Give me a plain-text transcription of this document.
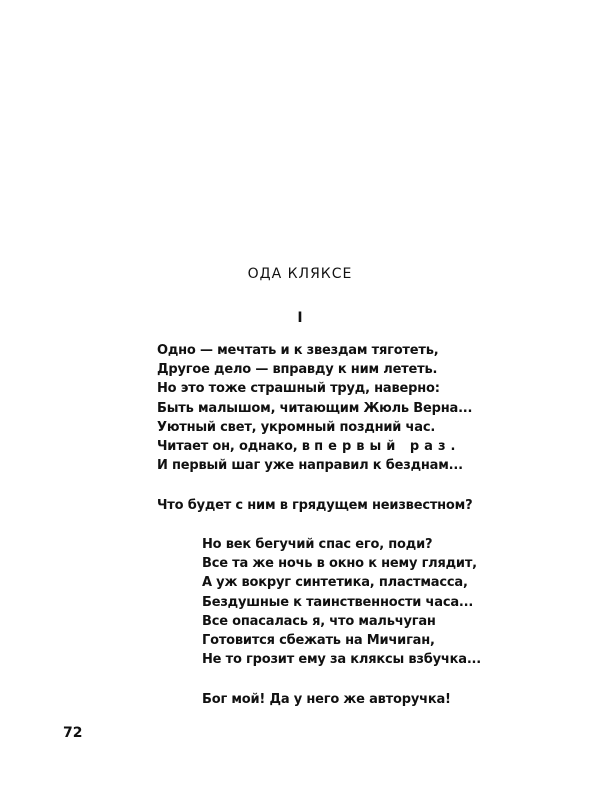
ОДА КЛЯКСЕ
I
Одно — мечтать и к звездам тяготеть,
Другое дело — вправду к ним лететь.
Но это тоже страшный труд, наверно:
Быть малышом, читающим Жюль Верна...
Уютный свет, укромный поздний час.
Читает он, однако, в первый раз.
И первый шаг уже направил к безднам...
Что будет с ним в грядущем неизвестном?
Но век бегучий спас его, поди?
Все та же ночь в окно к нему глядит,
А уж вокруг синтетика, пластмасса,
Бездушные к таинственности часа...
Все опасалась я, что мальчуган
Готовится сбежать на Мичиган,
Не то грозит ему за кляксы взбучка...
Бог мой! Да у него же авторучка!
72
